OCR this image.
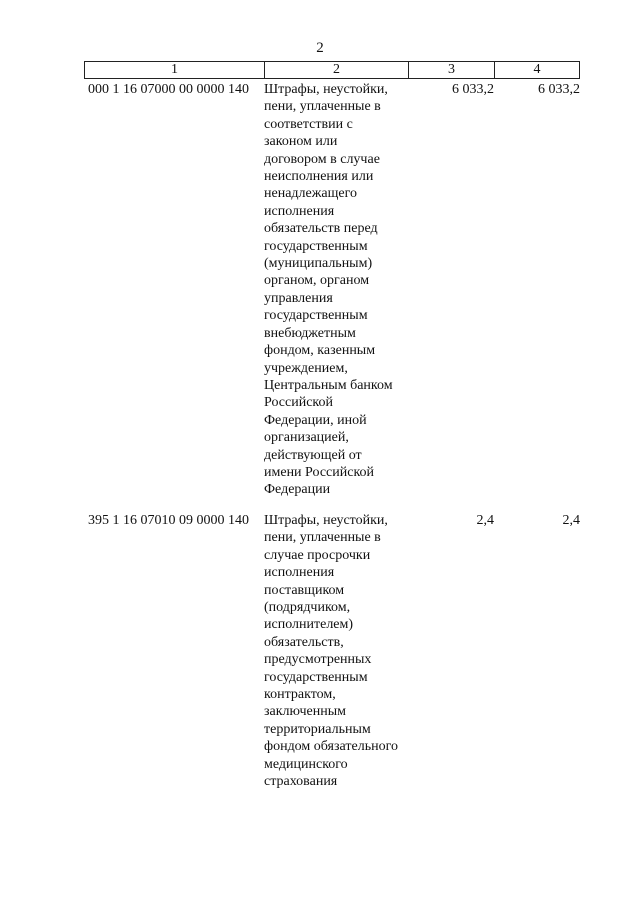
2
1	2	3	4
000 1 16 07000 00 0000 140	Штрафы, неустойки,
пени, уплаченные в
соответствии с
законом или
договором в случае
неисполнения или
ненадлежащего
исполнения
обязательств перед
государственным
(муниципальным)
органом, органом
управления
государственным
внебюджетным
фондом, казенным
учреждением,
Центральным банком
Российской
Федерации, иной
организацией,
действующей от
имени Российской
Федерации
6 033,2	6 033,2
395 1 16 07010 09 0000 140	Штрафы, неустойки,
пени, уплаченные в
случае просрочки
исполнения
поставщиком
(подрядчиком,
исполнителем)
обязательств,
предусмотренных
государственным
контрактом,
заключенным
территориальным
фондом обязательного
медицинского
страхования
2,4	2,4
